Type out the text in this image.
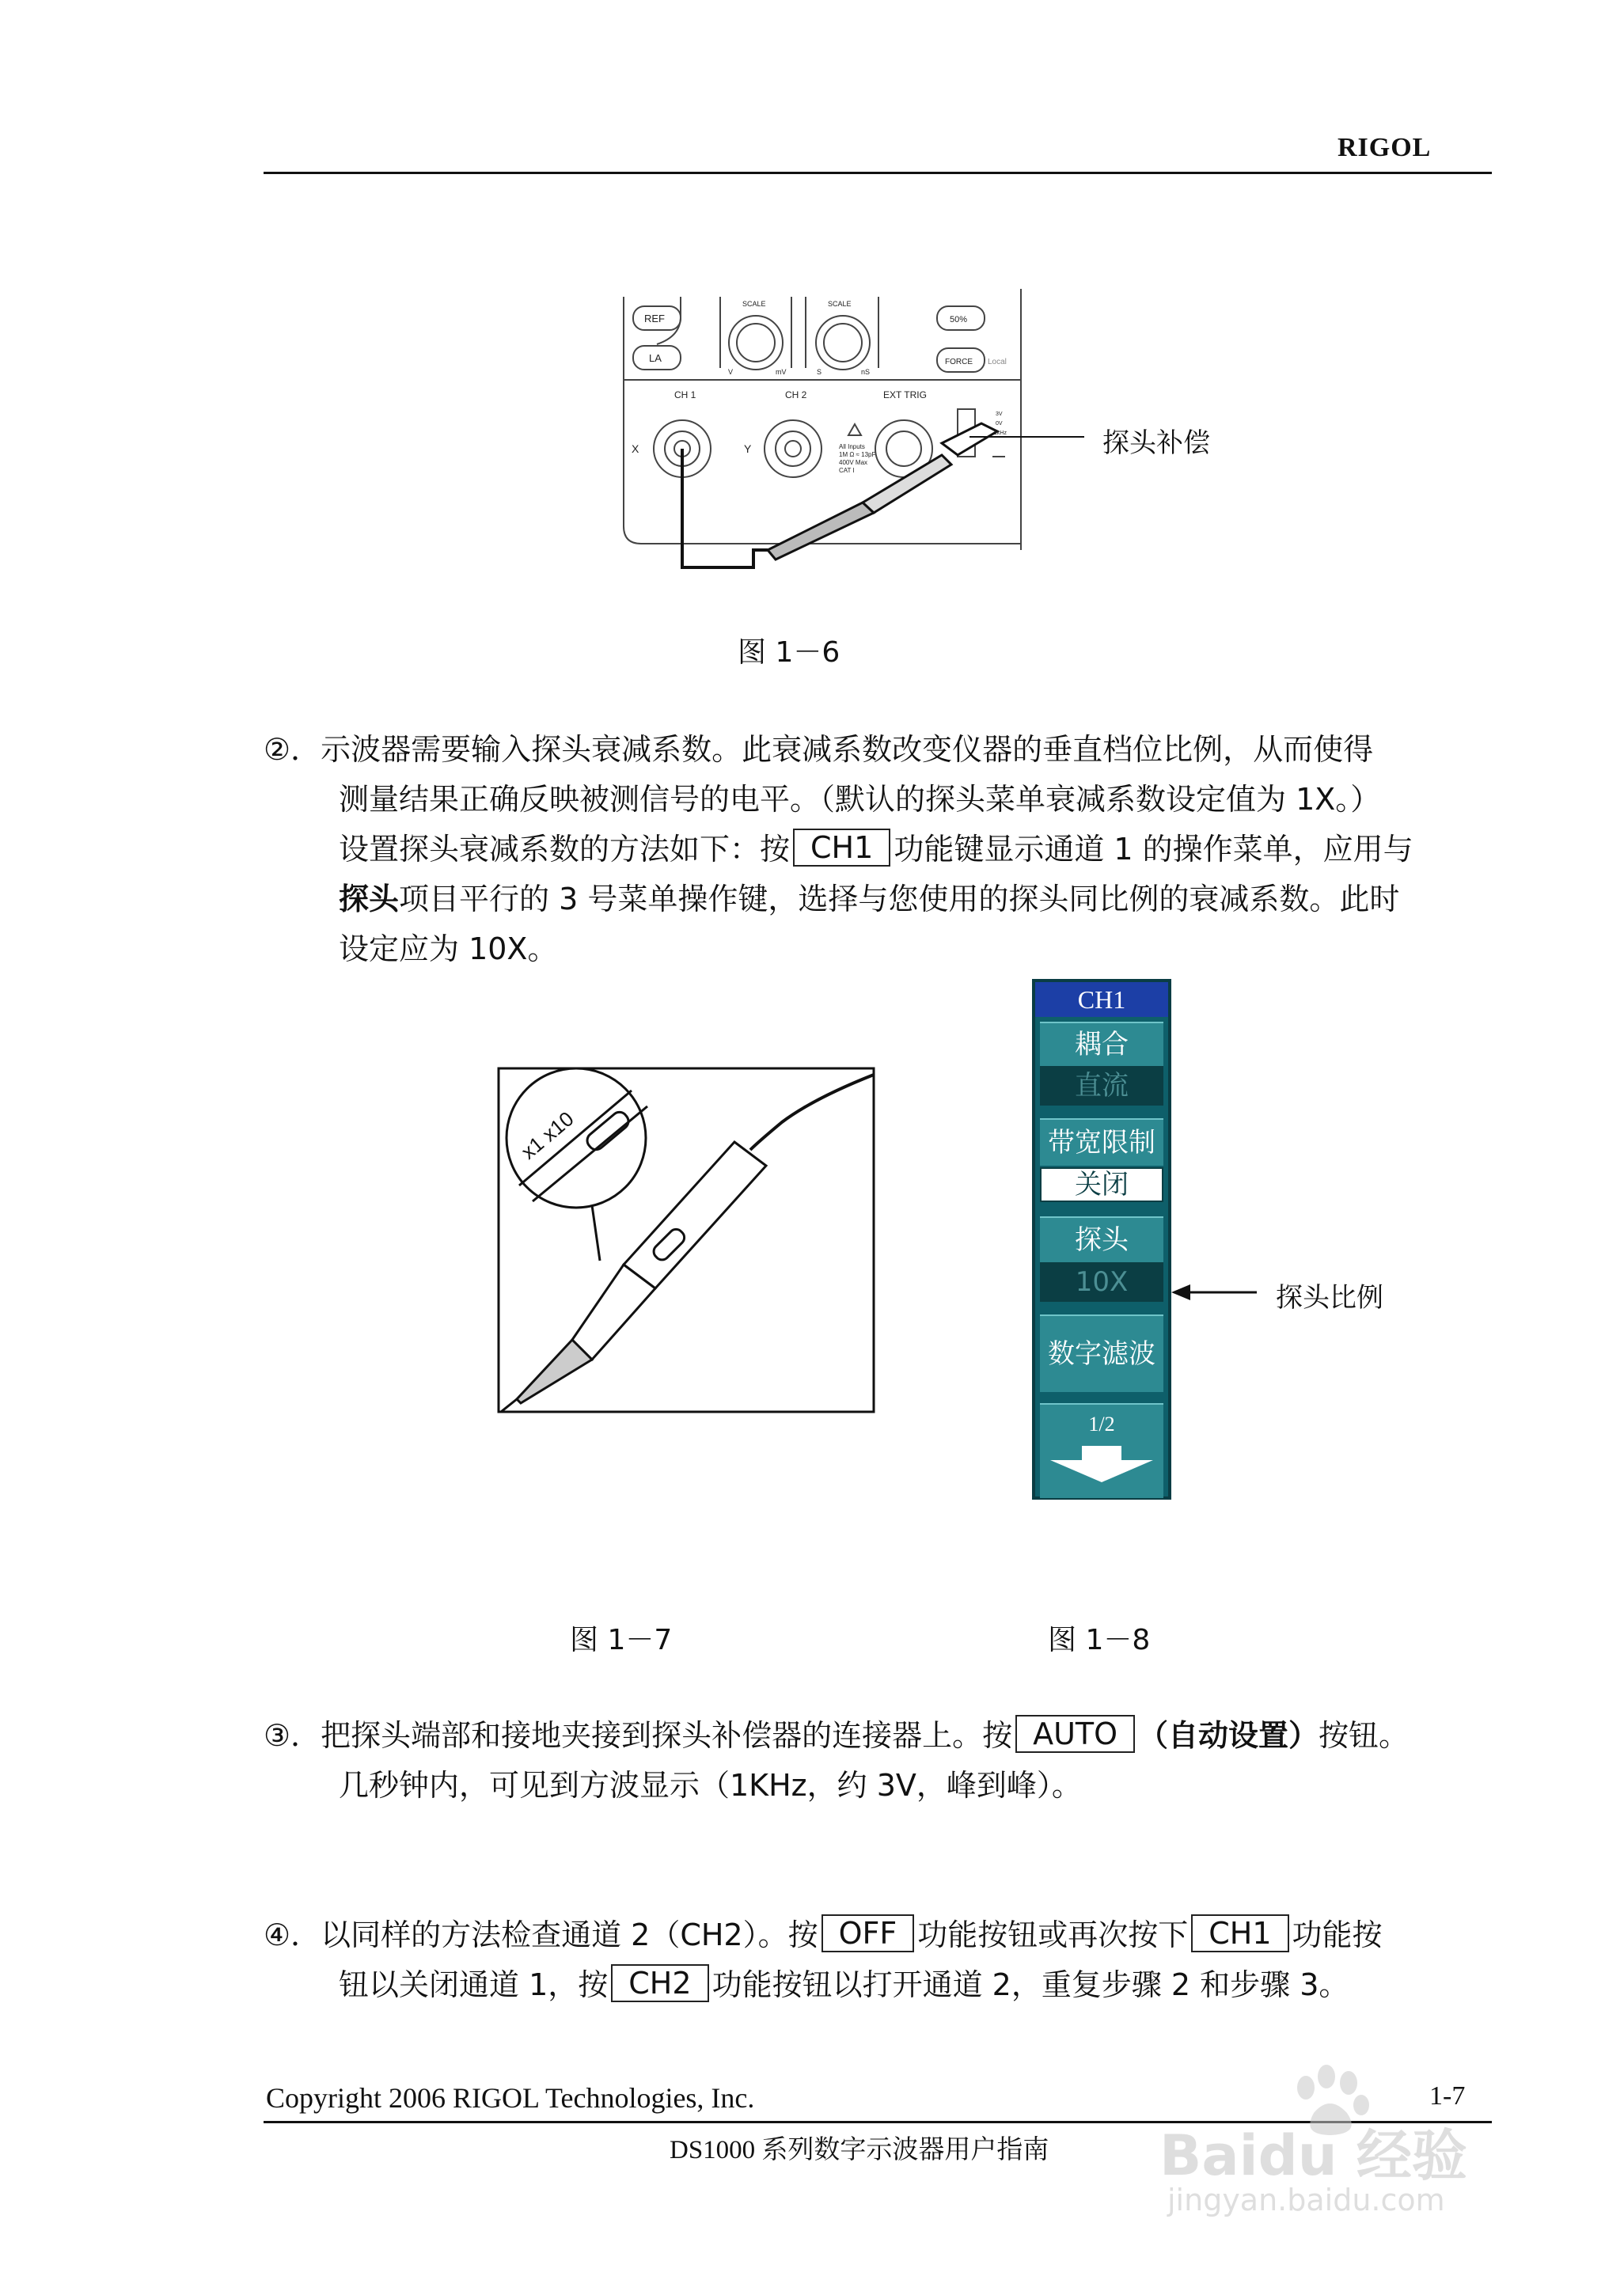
RIGOL
REF
LA
SCALE	SCALE
V	mV	S	nS
50%
FORCE Local
CH 1	CH 2	EXT TRIG
X	Y	All Inputs
1M Ω ≈ 13pF
400V Max
CAT I
3V
0V
1kHz	探头补偿
图 1－6
②．示波器需要输入探头衰减系数。此衰减系数改变仪器的垂直档位比例，从而使得
测量结果正确反映被测信号的电平。（默认的探头菜单衰减系数设定值为 1X。）
设置探头衰减系数的方法如下：按 CH1 功能键显示通道 1 的操作菜单，应用与
探头项目平行的 3 号菜单操作键，选择与您使用的探头同比例的衰减系数。此时
设定应为 10X。
x1 x10
图 1－7
CH1
耦合
直流
带宽限制
关闭
探头
10X
数字滤波
1/2
探头比例
图 1－8
③．把探头端部和接地夹接到探头补偿器的连接器上。按 AUTO （自动设置）按钮。
几秒钟内，可见到方波显示（1KHz，约 3V，峰到峰）。
④．以同样的方法检查通道 2（CH2）。按 OFF 功能按钮或再次按下 CH1 功能按
钮以关闭通道 1，按 CH2 功能按钮以打开通道 2，重复步骤 2 和步骤 3。
Copyright 2006 RIGOL Technologies, Inc.	1-7
DS1000 系列数字示波器用户指南 Baidu 经验
jingyan.baidu.com
